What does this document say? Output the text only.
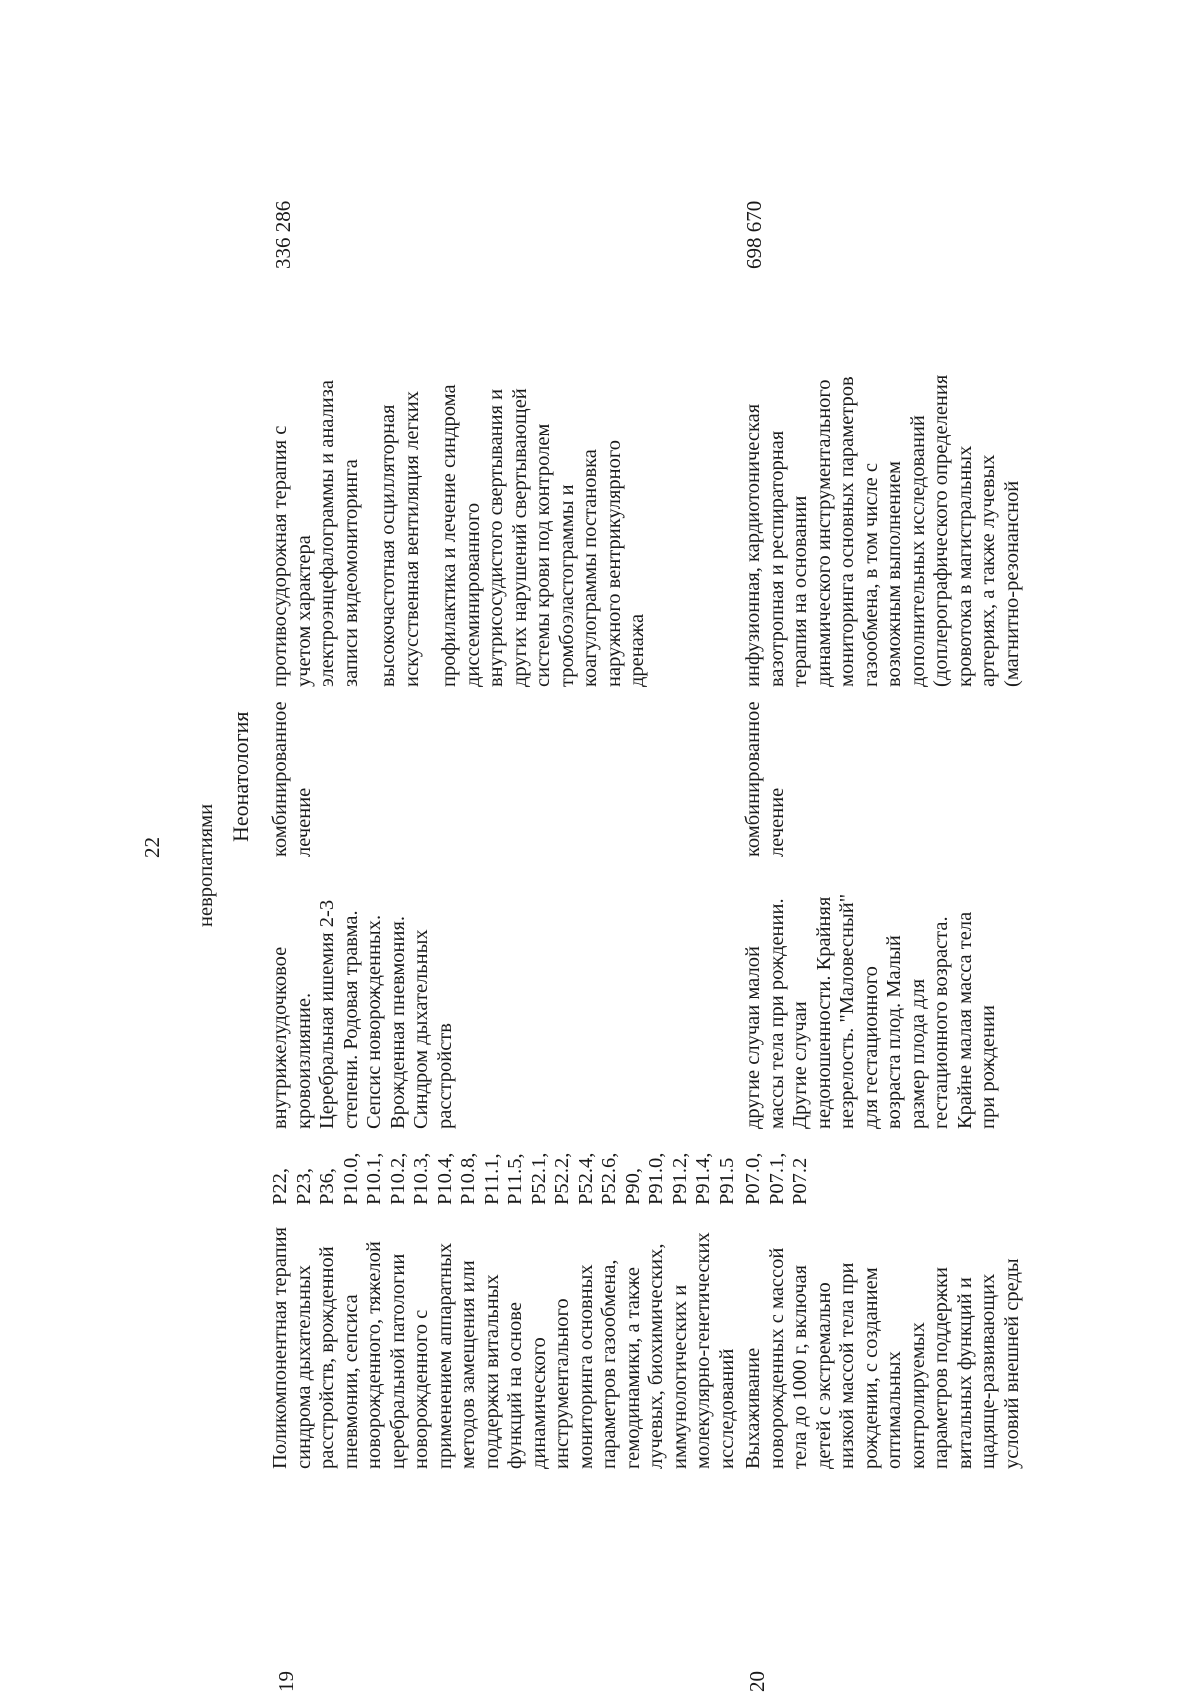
22 невропатиями
Неонатология
19
Поликомпонентная терапия синдрома дыхательных расстройств, врожденной пневмонии, сепсиса новорожденного, тяжелой церебральной патологии новорожденного с применением аппаратных методов замещения или поддержки витальных функций на основе динамического инструментального мониторинга основных параметров газообмена, гемодинамики, а также лучевых, биохимических, иммунологических и молекулярно-генетических исследований
P22, P23, P36, P10.0, P10.1, P10.2, P10.3, P10.4, P10.8, P11.1, P11.5, P52.1, P52.2, P52.4, P52.6, P90, P91.0, P91.2, P91.4, P91.5
внутрижелудочковое кровоизлияние. Церебральная ишемия 2-3 степени. Родовая травма. Сепсис новорожденных. Врожденная пневмония. Синдром дыхательных расстройств
комбинированное лечение
противосудорожная терапия с учетом характера электроэнцефалограммы и анализа записи видеомониторинга высокочастотная осцилляторная искусственная вентиляция легких профилактика и лечение синдрома диссеминированного внутрисосудистого свертывания и других нарушений свертывающей системы крови под контролем тромбоэластограммы и коагулограммы постановка наружного вентрикулярного дренажа
336 286
20
Выхаживание новорожденных с массой тела до 1000 г, включая детей с экстремально низкой массой тела при рождении, с созданием оптимальных контролируемых параметров поддержки витальных функций и щадяще-развивающих условий внешней среды
P07.0, P07.1, P07.2
другие случаи малой массы тела при рождении. Другие случаи недоношенности. Крайняя незрелость. "Маловесный" для гестационного возраста плод. Малый размер плода для гестационного возраста. Крайне малая масса тела при рождении
комбинированное лечение
инфузионная, кардиотоническая вазотропная и респираторная терапия на основании динамического инструментального мониторинга основных параметров газообмена, в том числе с возможным выполнением дополнительных исследований (доплерографического определения кровотока в магистральных артериях, а также лучевых (магнитно-резонансной
698 670
